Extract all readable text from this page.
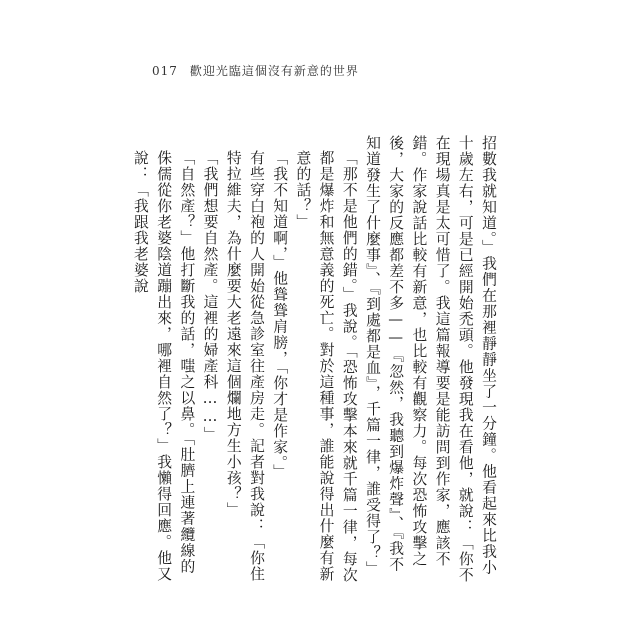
017 歡迎光臨這個沒有新意的世界

招數我就知道。」我們在那裡靜靜坐了一分鐘。他看起來比我小十歲左右，可是已經開始禿頭。他發現我在看他，就說：「你不在現場真是太可惜了。我這篇報導要是能訪問到作家，應該不錯。作家說話比較有新意，也比較有觀察力。每次恐怖攻擊之後，大家的反應都差不多——『忽然，我聽到爆炸聲』、『我不知道發生了什麼事』、『到處都是血』，千篇一律，誰受得了？」

「那不是他們的錯。」我說。「恐怖攻擊本來就千篇一律，每次都是爆炸和無意義的死亡。對於這種事，誰能說得出什麼有新意的話？」

「我不知道啊，」他聳聳肩膀，「你才是作家。」

有些穿白袍的人開始從急診室往產房走。記者對我說：「你住特拉維夫，為什麼要大老遠來這個爛地方生小孩？」

「我們想要自然產。這裡的婦產科……」

「自然產？」他打斷我的話，嗤之以鼻。「肚臍上連著纜線的侏儒從你老婆陰道蹦出來，哪裡自然了？」我懶得回應。他又說：「我跟我老婆說
